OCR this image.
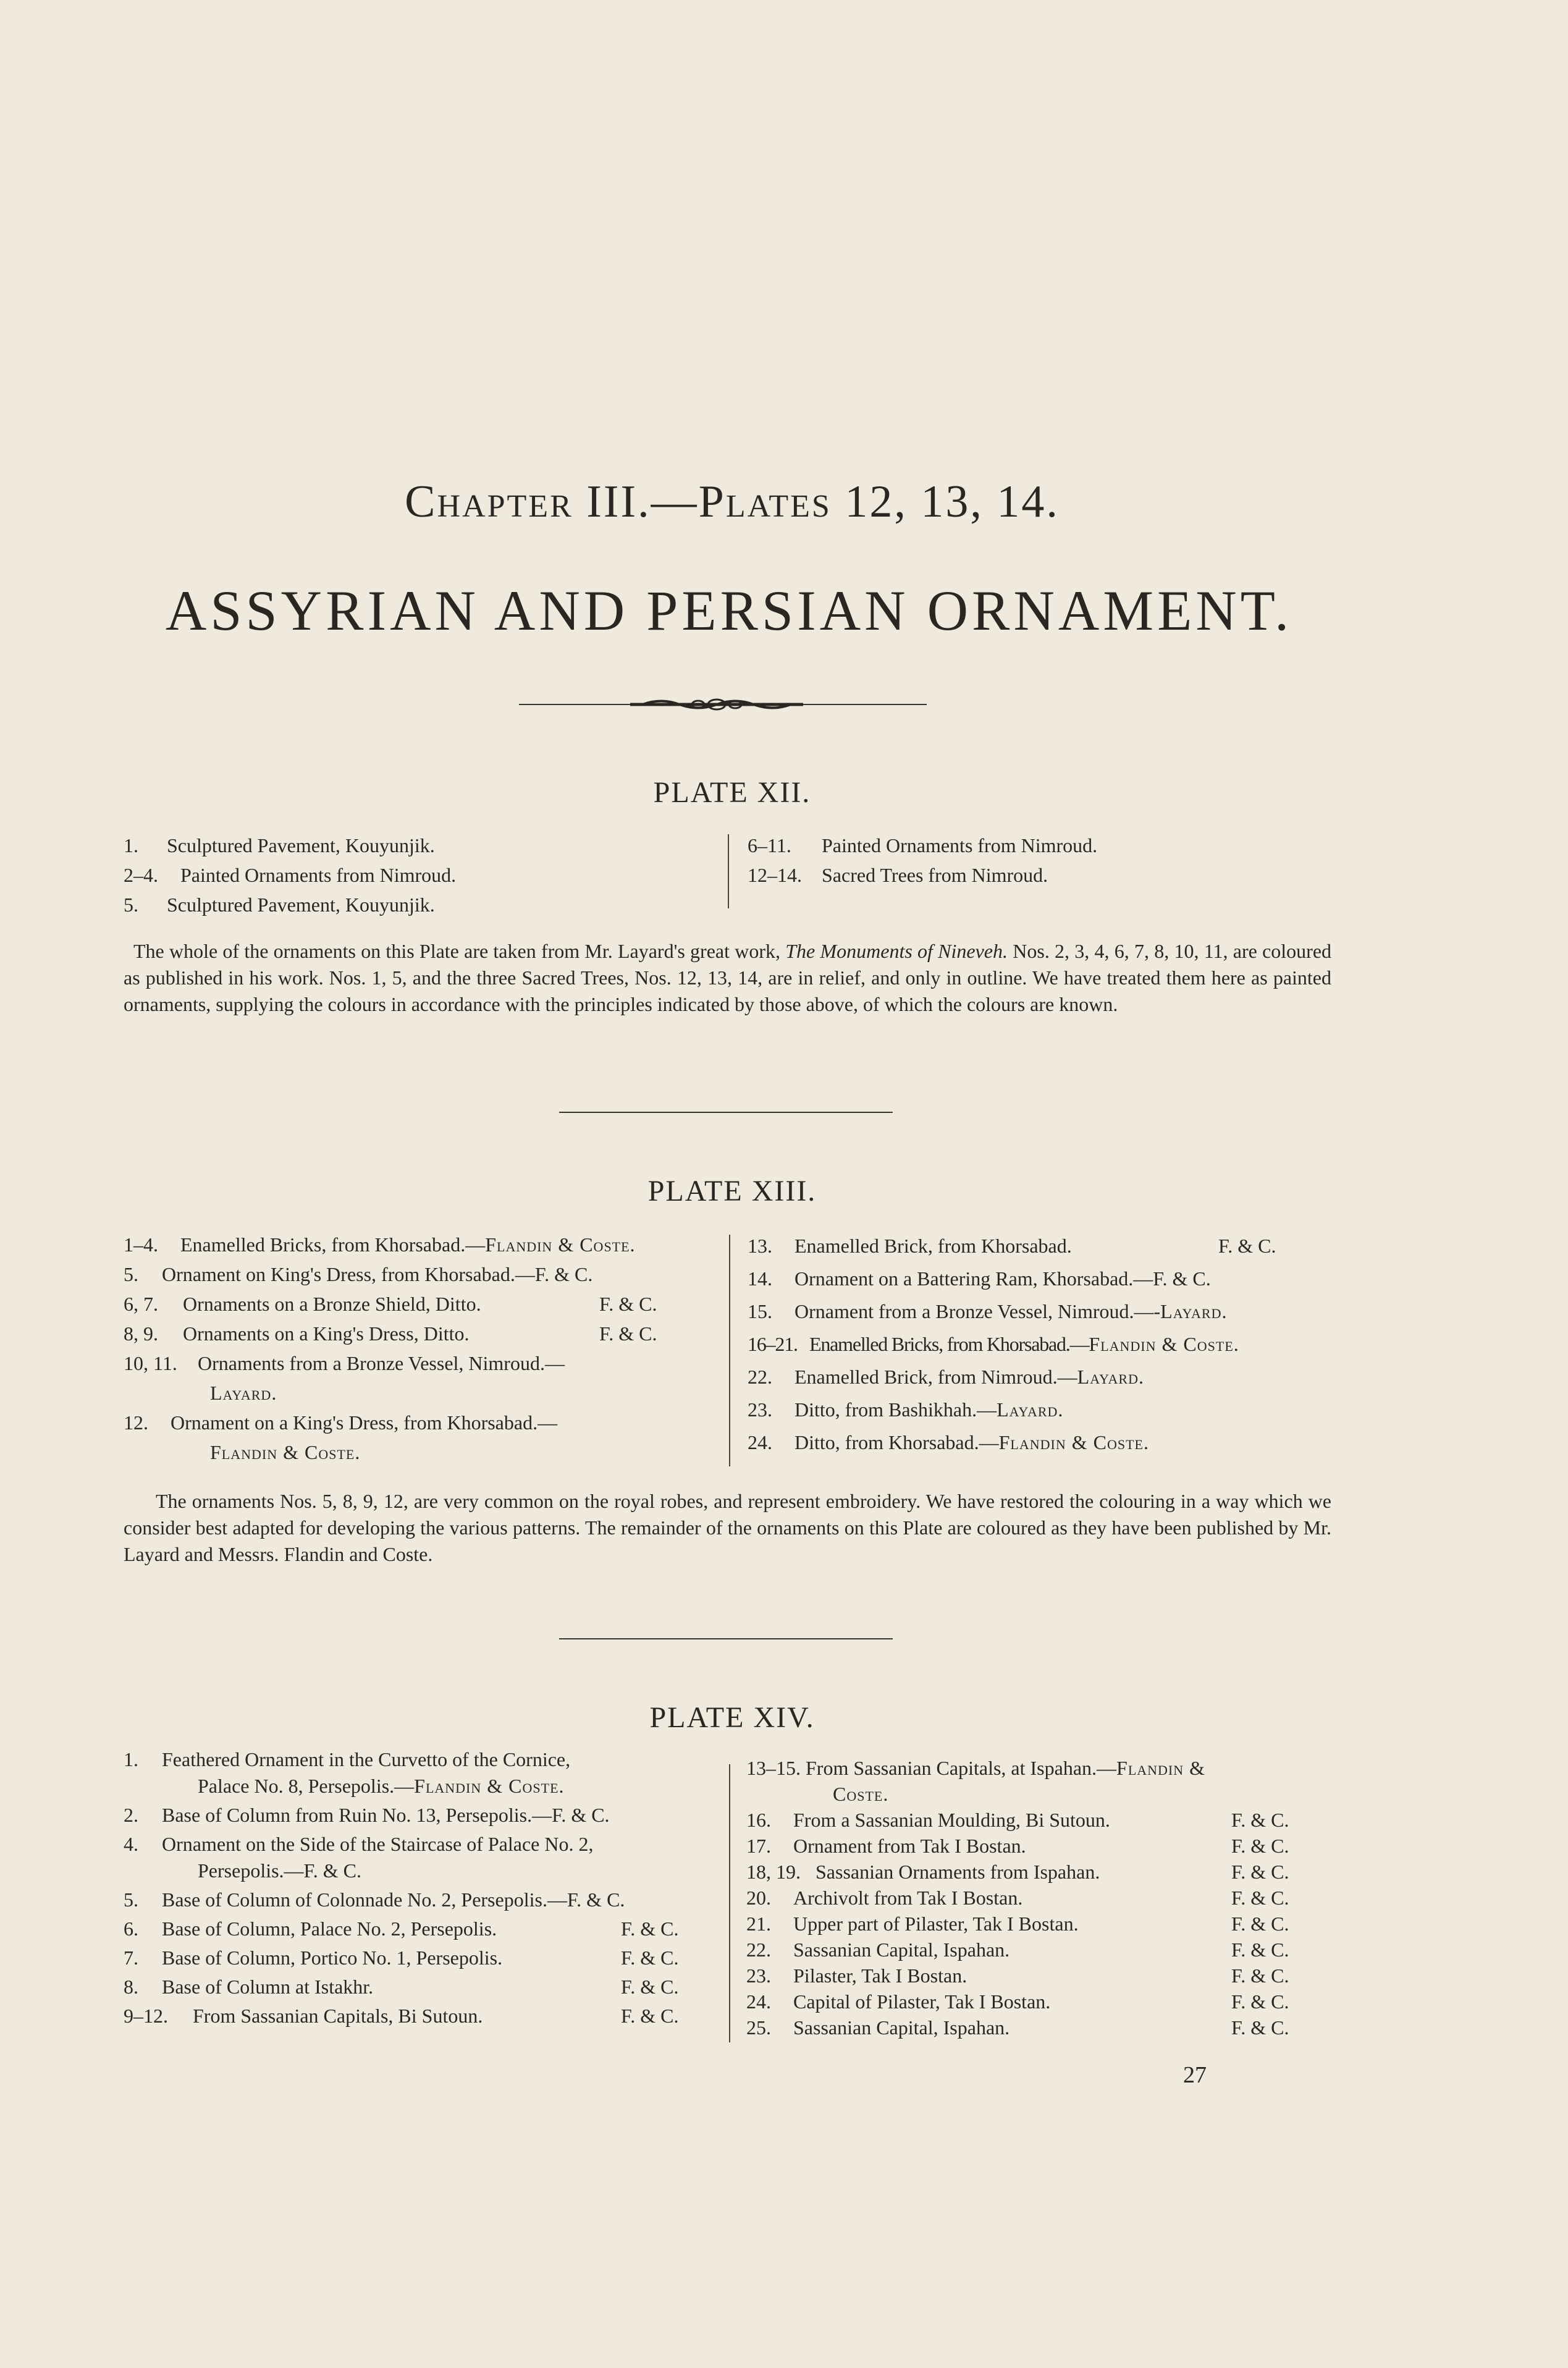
Chapter III.—Plates 12, 13, 14.
ASSYRIAN AND PERSIAN ORNAMENT.
PLATE XII.
1. Sculptured Pavement, Kouyunjik.
2–4. Painted Ornaments from Nimroud.
5. Sculptured Pavement, Kouyunjik.
6–11. Painted Ornaments from Nimroud.
12–14. Sacred Trees from Nimroud.
The whole of the ornaments on this Plate are taken from Mr. Layard's great work, The Monuments of Nineveh. Nos. 2, 3, 4, 6, 7, 8, 10, 11, are coloured as published in his work. Nos. 1, 5, and the three Sacred Trees, Nos. 12, 13, 14, are in relief, and only in outline. We have treated them here as painted ornaments, supplying the colours in accordance with the principles indicated by those above, of which the colours are known.
PLATE XIII.
1–4. Enamelled Bricks, from Khorsabad.—Flandin & Coste.
5. Ornament on King's Dress, from Khorsabad.—F. & C.
6, 7. Ornaments on a Bronze Shield, Ditto.	F. & C.
8, 9. Ornaments on a King's Dress, Ditto.	F. & C.
10, 11. Ornaments from a Bronze Vessel, Nimroud.—
Layard.
12. Ornament on a King's Dress, from Khorsabad.—
Flandin & Coste.
13. Enamelled Brick, from Khorsabad.	F. & C.
14. Ornament on a Battering Ram, Khorsabad.—F. & C.
15. Ornament from a Bronze Vessel, Nimroud.—-Layard.
16–21. Enamelled Bricks, from Khorsabad.—Flandin & Coste.
22. Enamelled Brick, from Nimroud.—Layard.
23. Ditto, from Bashikhah.—Layard.
24. Ditto, from Khorsabad.—Flandin & Coste.
The ornaments Nos. 5, 8, 9, 12, are very common on the royal robes, and represent embroidery. We have restored the colouring in a way which we consider best adapted for developing the various patterns. The remainder of the ornaments on this Plate are coloured as they have been published by Mr. Layard and Messrs. Flandin and Coste.
PLATE XIV.
1. Feathered Ornament in the Curvetto of the Cornice,
Palace No. 8, Persepolis.—Flandin & Coste.
2. Base of Column from Ruin No. 13, Persepolis.—F. & C.
4. Ornament on the Side of the Staircase of Palace No. 2,
Persepolis.—F. & C.
5. Base of Column of Colonnade No. 2, Persepolis.—F. & C.
6. Base of Column, Palace No. 2, Persepolis.	F. & C.
7. Base of Column, Portico No. 1, Persepolis.	F. & C.
8. Base of Column at Istakhr.	F. & C.
9–12. From Sassanian Capitals, Bi Sutoun.	F. & C.
13–15. From Sassanian Capitals, at Ispahan.—Flandin &
Coste.
16. From a Sassanian Moulding, Bi Sutoun.	F. & C.
17. Ornament from Tak I Bostan.	F. & C.
18, 19. Sassanian Ornaments from Ispahan.	F. & C.
20. Archivolt from Tak I Bostan.	F. & C.
21. Upper part of Pilaster, Tak I Bostan.	F. & C.
22. Sassanian Capital, Ispahan.	F. & C.
23. Pilaster, Tak I Bostan.	F. & C.
24. Capital of Pilaster, Tak I Bostan.	F. & C.
25. Sassanian Capital, Ispahan.	F. & C.
27
